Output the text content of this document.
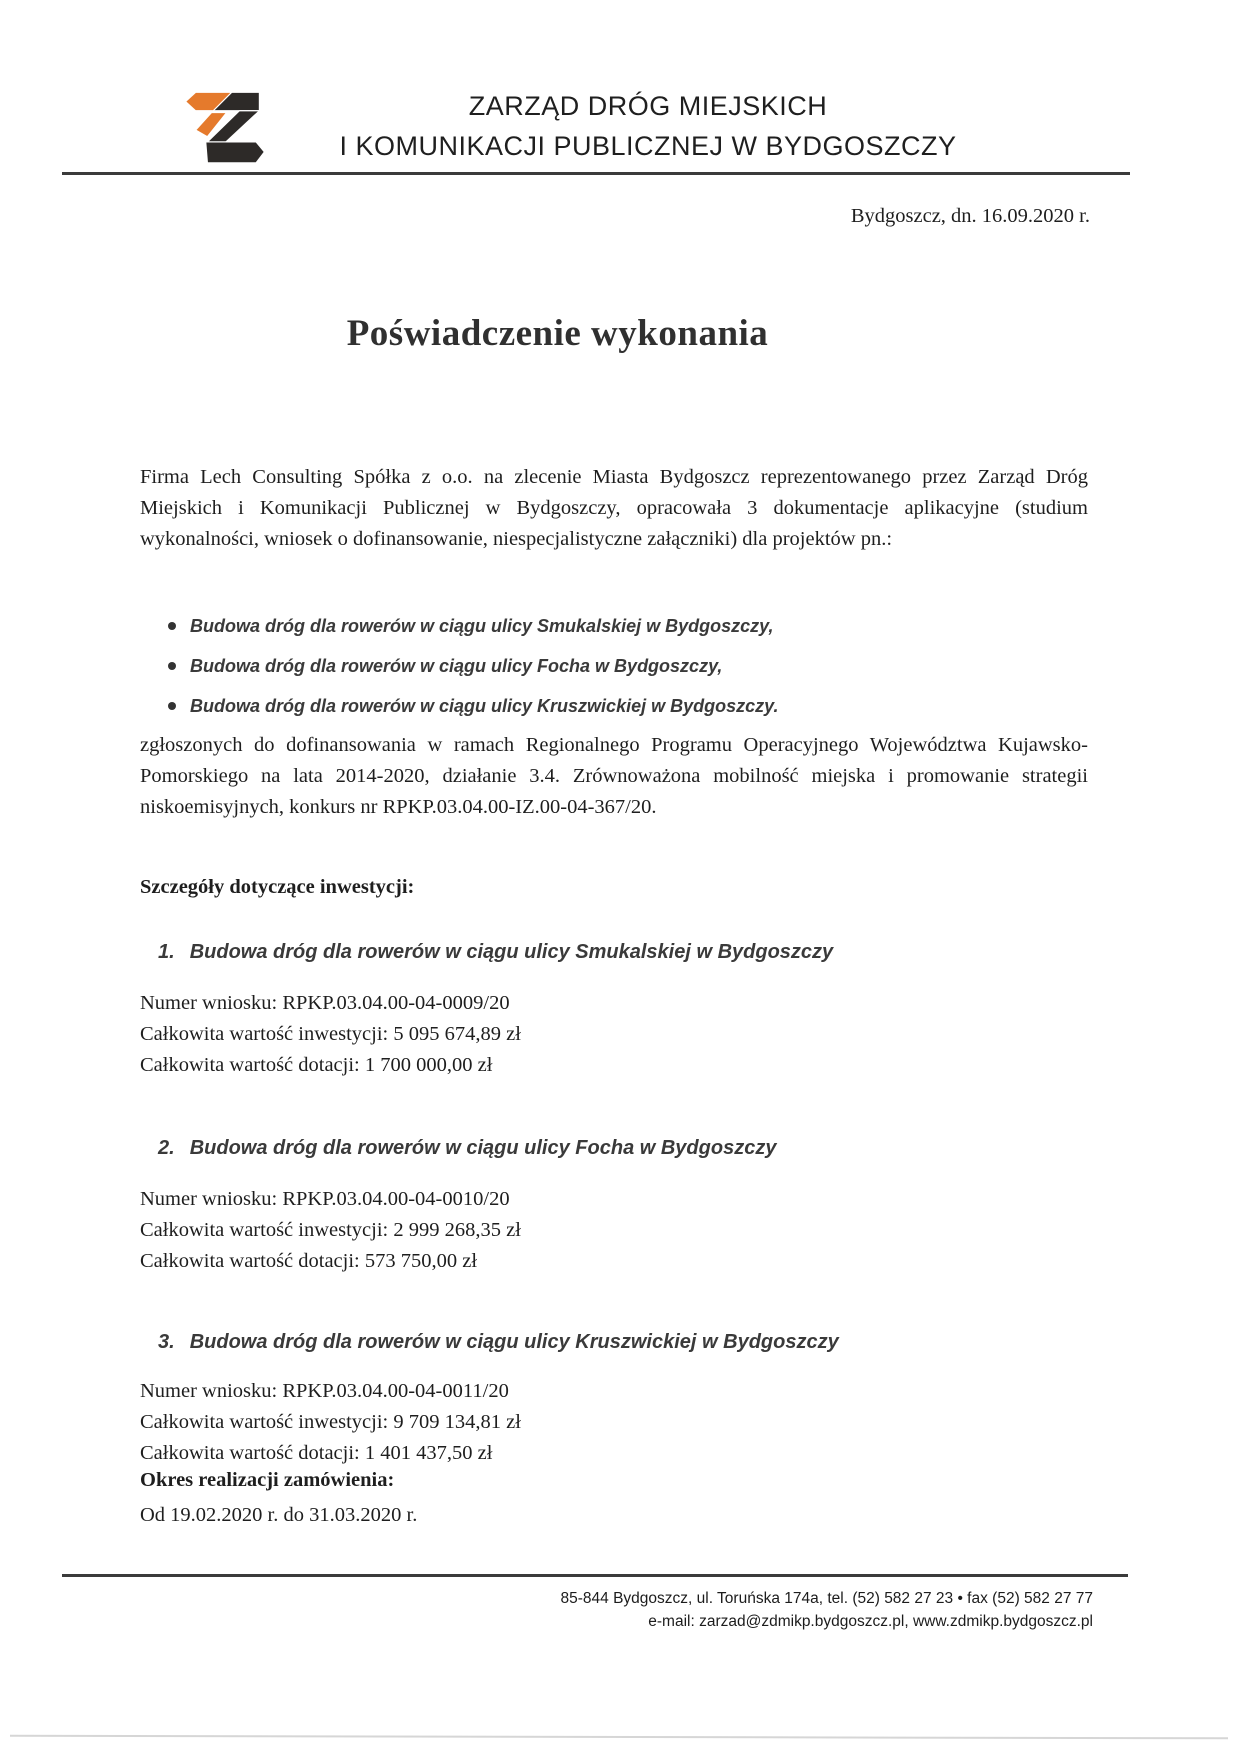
ZARZĄD DRÓG MIEJSKICH
I KOMUNIKACJI PUBLICZNEJ W BYDGOSZCZY
Bydgoszcz, dn. 16.09.2020 r.
Poświadczenie wykonania
Firma Lech Consulting Spółka z o.o. na zlecenie Miasta Bydgoszcz reprezentowanego przez Zarząd Dróg Miejskich i Komunikacji Publicznej w Bydgoszczy, opracowała 3 dokumentacje aplikacyjne (studium wykonalności, wniosek o dofinansowanie, niespecjalistyczne załączniki) dla projektów pn.:
Budowa dróg dla rowerów w ciągu ulicy Smukalskiej w Bydgoszczy,
Budowa dróg dla rowerów w ciągu ulicy Focha w Bydgoszczy,
Budowa dróg dla rowerów w ciągu ulicy Kruszwickiej w Bydgoszczy.
zgłoszonych do dofinansowania w ramach Regionalnego Programu Operacyjnego Województwa Kujawsko-Pomorskiego na lata 2014-2020, działanie 3.4. Zrównoważona mobilność miejska i promowanie strategii niskoemisyjnych, konkurs nr RPKP.03.04.00-IZ.00-04-367/20.
Szczegóły dotyczące inwestycji:
1. Budowa dróg dla rowerów w ciągu ulicy Smukalskiej w Bydgoszczy
Numer wniosku: RPKP.03.04.00-04-0009/20
Całkowita wartość inwestycji: 5 095 674,89 zł
Całkowita wartość dotacji: 1 700 000,00 zł
2. Budowa dróg dla rowerów w ciągu ulicy Focha w Bydgoszczy
Numer wniosku: RPKP.03.04.00-04-0010/20
Całkowita wartość inwestycji: 2 999 268,35 zł
Całkowita wartość dotacji: 573 750,00 zł
3. Budowa dróg dla rowerów w ciągu ulicy Kruszwickiej w Bydgoszczy
Numer wniosku: RPKP.03.04.00-04-0011/20
Całkowita wartość inwestycji: 9 709 134,81 zł
Całkowita wartość dotacji: 1 401 437,50 zł
Okres realizacji zamówienia:
Od 19.02.2020 r. do 31.03.2020 r.
85-844 Bydgoszcz, ul. Toruńska 174a, tel. (52) 582 27 23 • fax (52) 582 27 77
e-mail: zarzad@zdmikp.bydgoszcz.pl, www.zdmikp.bydgoszcz.pl
